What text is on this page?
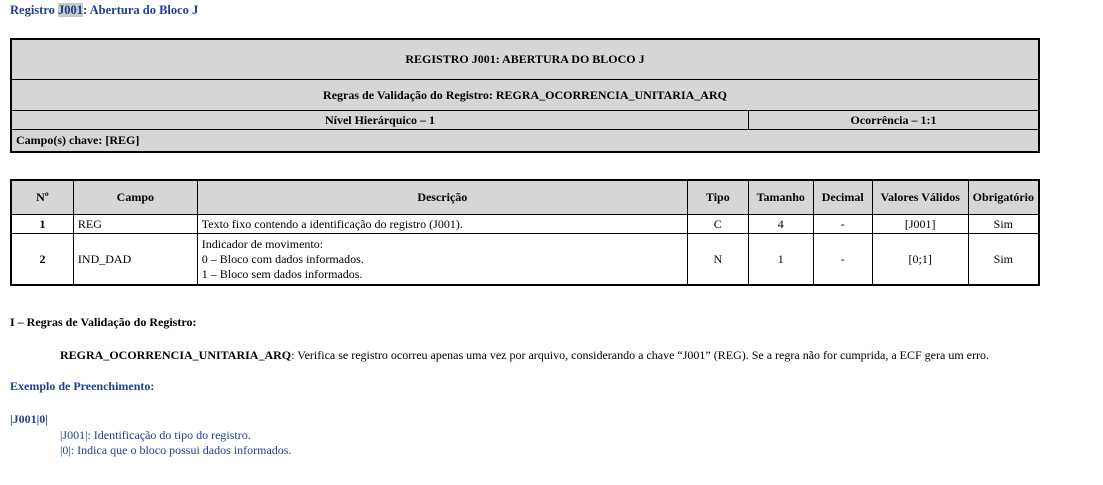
Registro J001: Abertura do Bloco J
REGISTRO J001: ABERTURA DO BLOCO J
Regras de Validação do Registro: REGRA_OCORRENCIA_UNITARIA_ARQ
Nível Hierárquico – 1	Ocorrência – 1:1
Campo(s) chave: [REG]
Nº	Campo	Descrição	Tipo	Tamanho	Decimal	Valores Válidos	Obrigatório
1	REG	Texto fixo contendo a identificação do registro (J001).	C	4	-	[J001]	Sim
2	IND_DAD	Indicador de movimento:
0 – Bloco com dados informados.
1 – Bloco sem dados informados.	N	1	-	[0;1]	Sim
I – Regras de Validação do Registro:
REGRA_OCORRENCIA_UNITARIA_ARQ: Verifica se registro ocorreu apenas uma vez por arquivo, considerando a chave “J001” (REG). Se a regra não for cumprida, a ECF gera um erro.
Exemplo de Preenchimento:
|J001|0|
|J001|: Identificação do tipo do registro.
|0|: Indica que o bloco possui dados informados.
